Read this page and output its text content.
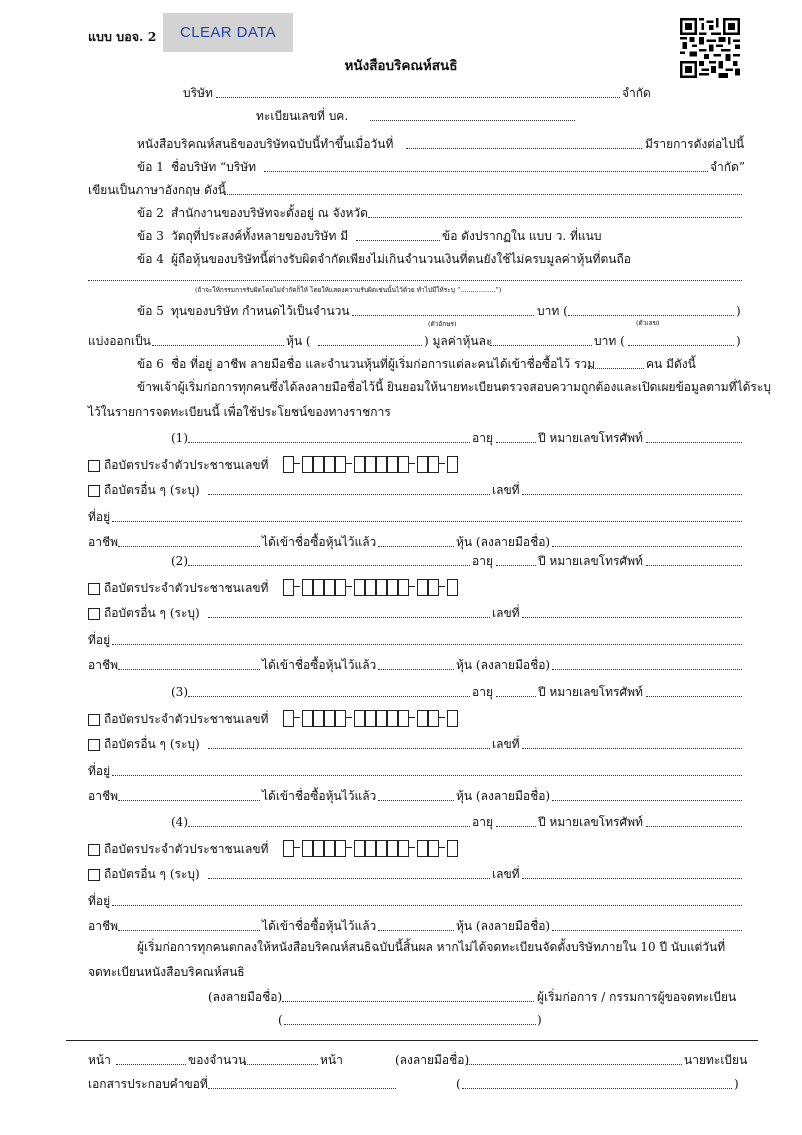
แบบ บอจ. 2	CLEAR DATA
หนังสือบริคณห์สนธิ
บริษัท	จำกัด
ทะเบียนเลขที่ บค.
หนังสือบริคณห์สนธิของบริษัทฉบับนี้ทำขึ้นเมื่อวันที่	มีรายการดังต่อไปนี้
ข้อ 1 ชื่อบริษัท “บริษัท	จำกัด”
เขียนเป็นภาษาอังกฤษ ดังนี้
ข้อ 2 สำนักงานของบริษัทจะตั้งอยู่ ณ จังหวัด
ข้อ 3 วัตถุที่ประสงค์ทั้งหลายของบริษัท มี	ข้อ ดังปรากฏใน แบบ ว. ที่แนบ
ข้อ 4 ผู้ถือหุ้นของบริษัทนี้ต่างรับผิดจำกัดเพียงไม่เกินจำนวนเงินที่ตนยังใช้ไม่ครบมูลค่าหุ้นที่ตนถือ
(ถ้าจะให้กรรมการรับผิดโดยไม่จำกัดก็ให้ โดยให้แสดงความรับผิดเช่นนั้นไว้ด้วย ทำไปมีให้ระบุ “.................”)
ข้อ 5 ทุนของบริษัท กำหนดไว้เป็นจำนวน	บาท (	)
(ตัวอักษร)	(ตัวเลข)
แบ่งออกเป็น	หุ้น (	) มูลค่าหุ้นละ	บาท (	)
ข้อ 6 ชื่อ ที่อยู่ อาชีพ ลายมือชื่อ และจำนวนหุ้นที่ผู้เริ่มก่อการแต่ละคนได้เข้าชื่อซื้อไว้ รวม	คน มีดังนี้
ข้าพเจ้าผู้เริ่มก่อการทุกคนซึ่งได้ลงลายมือชื่อไว้นี้ ยินยอมให้นายทะเบียนตรวจสอบความถูกต้องและเปิดเผยข้อมูลตามที่ได้ระบุ
ไว้ในรายการจดทะเบียนนี้ เพื่อใช้ประโยชน์ของทางราชการ
(1)	อายุ	ปี หมายเลขโทรศัพท์
ถือบัตรประจำตัวประชาชนเลขที่
ถือบัตรอื่น ๆ (ระบุ)	เลขที่
ที่อยู่
อาชีพ	ได้เข้าชื่อซื้อหุ้นไว้แล้ว	หุ้น (ลงลายมือชื่อ)
(2)	อายุ	ปี หมายเลขโทรศัพท์
ถือบัตรประจำตัวประชาชนเลขที่
ถือบัตรอื่น ๆ (ระบุ)	เลขที่
ที่อยู่
อาชีพ	ได้เข้าชื่อซื้อหุ้นไว้แล้ว	หุ้น (ลงลายมือชื่อ)
(3)	อายุ	ปี หมายเลขโทรศัพท์
ถือบัตรประจำตัวประชาชนเลขที่
ถือบัตรอื่น ๆ (ระบุ)	เลขที่
ที่อยู่
อาชีพ	ได้เข้าชื่อซื้อหุ้นไว้แล้ว	หุ้น (ลงลายมือชื่อ)
(4)	อายุ	ปี หมายเลขโทรศัพท์
ถือบัตรประจำตัวประชาชนเลขที่
ถือบัตรอื่น ๆ (ระบุ)	เลขที่
ที่อยู่
อาชีพ	ได้เข้าชื่อซื้อหุ้นไว้แล้ว	หุ้น (ลงลายมือชื่อ)
ผู้เริ่มก่อการทุกคนตกลงให้หนังสือบริคณห์สนธิฉบับนี้สิ้นผล หากไม่ได้จดทะเบียนจัดตั้งบริษัทภายใน 10 ปี นับแต่วันที่
จดทะเบียนหนังสือบริคณห์สนธิ
(ลงลายมือชื่อ)	ผู้เริ่มก่อการ / กรรมการผู้ขอจดทะเบียน
(	)
หน้า	ของจำนวน	หน้า	(ลงลายมือชื่อ)	นายทะเบียน
เอกสารประกอบคำขอที่	(	)
